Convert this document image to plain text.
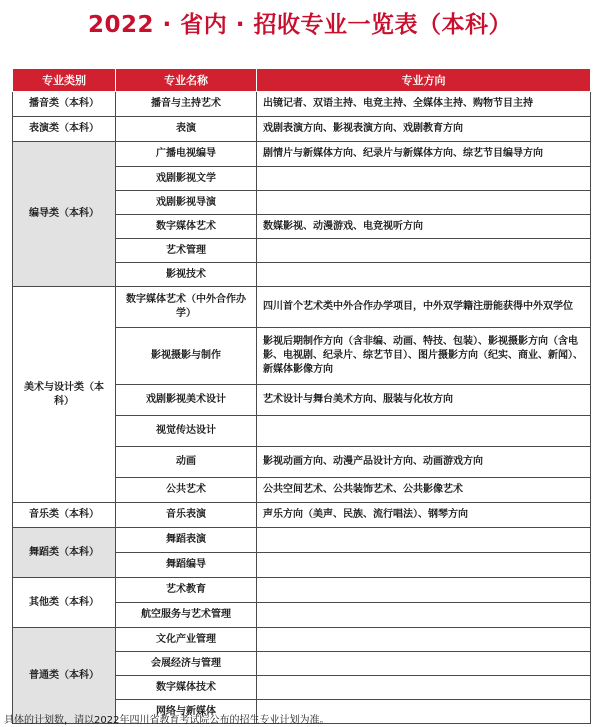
2022 · 省内 · 招收专业一览表（本科）
专业类别	专业名称	专业方向
播音类（本科）	播音与主持艺术	出镜记者、双语主持、电竞主持、全媒体主持、购物节目主持
表演类（本科）	表演	戏剧表演方向、影视表演方向、戏剧教育方向
编导类（本科）	广播电视编导	剧情片与新媒体方向、纪录片与新媒体方向、综艺节目编导方向
	戏剧影视文学	
	戏剧影视导演	
	数字媒体艺术	数媒影视、动漫游戏、电竞视听方向
	艺术管理	
	影视技术	
美术与设计类（本科）	数字媒体艺术（中外合作办学）	四川首个艺术类中外合作办学项目，中外双学籍注册能获得中外双学位
	影视摄影与制作	影视后期制作方向（含非编、动画、特技、包装）、影视摄影方向（含电影、电视剧、纪录片、综艺节目）、图片摄影方向（纪实、商业、新闻）、新媒体影像方向
	戏剧影视美术设计	艺术设计与舞台美术方向、服装与化妆方向
	视觉传达设计	
	动画	影视动画方向、动漫产品设计方向、动画游戏方向
	公共艺术	公共空间艺术、公共装饰艺术、公共影像艺术
音乐类（本科）	音乐表演	声乐方向（美声、民族、流行唱法）、钢琴方向
舞蹈类（本科）	舞蹈表演	
	舞蹈编导	
其他类（本科）	艺术教育	
	航空服务与艺术管理	
普通类（本科）	文化产业管理	
	会展经济与管理	
	数字媒体技术	
	网络与新媒体	
具体的计划数，请以2022年四川省教育考试院公布的招生专业计划为准。
